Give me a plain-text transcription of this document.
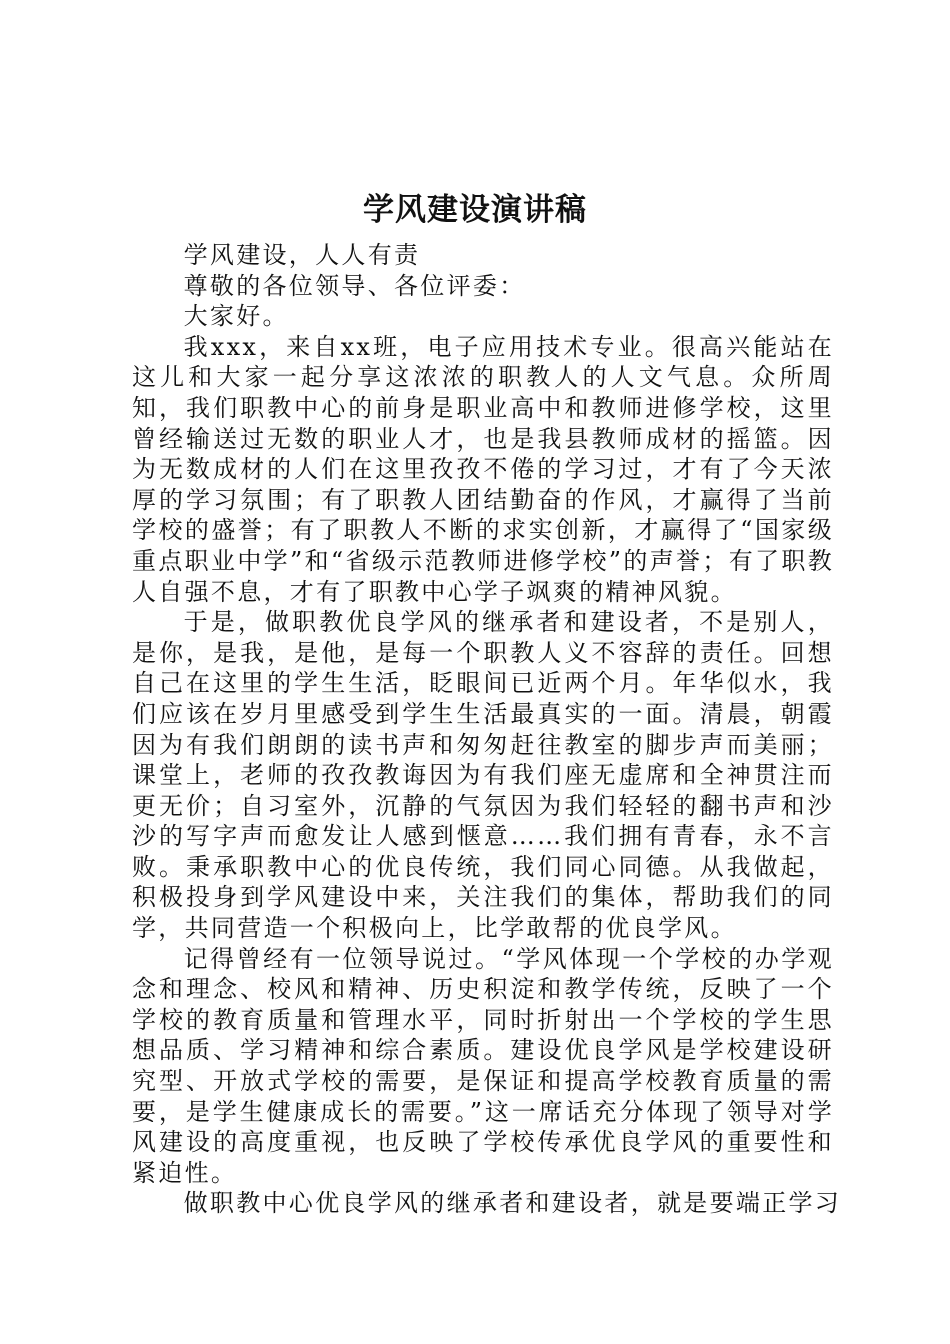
学风建设演讲稿

学风建设，人人有责

尊敬的各位领导、各位评委：

大家好。

我xxx，来自xx班，电子应用技术专业。很高兴能站在这儿和大家一起分享这浓浓的职教人的人文气息。众所周知，我们职教中心的前身是职业高中和教师进修学校，这里曾经输送过无数的职业人才，也是我县教师成材的摇篮。因为无数成材的人们在这里孜孜不倦的学习过，才有了今天浓厚的学习氛围；有了职教人团结勤奋的作风，才赢得了当前学校的盛誉；有了职教人不断的求实创新，才赢得了“国家级重点职业中学”和“省级示范教师进修学校”的声誉；有了职教人自强不息，才有了职教中心学子飒爽的精神风貌。

于是，做职教优良学风的继承者和建设者，不是别人，是你，是我，是他，是每一个职教人义不容辞的责任。回想自己在这里的学生生活，眨眼间已近两个月。年华似水，我们应该在岁月里感受到学生生活最真实的一面。清晨，朝霞因为有我们朗朗的读书声和匆匆赶往教室的脚步声而美丽；课堂上，老师的孜孜教诲因为有我们座无虚席和全神贯注而更无价；自习室外，沉静的气氛因为我们轻轻的翻书声和沙沙的写字声而愈发让人感到惬意……我们拥有青春，永不言败。秉承职教中心的优良传统，我们同心同德。从我做起，积极投身到学风建设中来，关注我们的集体，帮助我们的同学，共同营造一个积极向上，比学敢帮的优良学风。

记得曾经有一位领导说过。“学风体现一个学校的办学观念和理念、校风和精神、历史积淀和教学传统，反映了一个学校的教育质量和管理水平，同时折射出一个学校的学生思想品质、学习精神和综合素质。建设优良学风是学校建设研究型、开放式学校的需要，是保证和提高学校教育质量的需要，是学生健康成长的需要。”这一席话充分体现了领导对学风建设的高度重视，也反映了学校传承优良学风的重要性和紧迫性。

做职教中心优良学风的继承者和建设者，就是要端正学习
